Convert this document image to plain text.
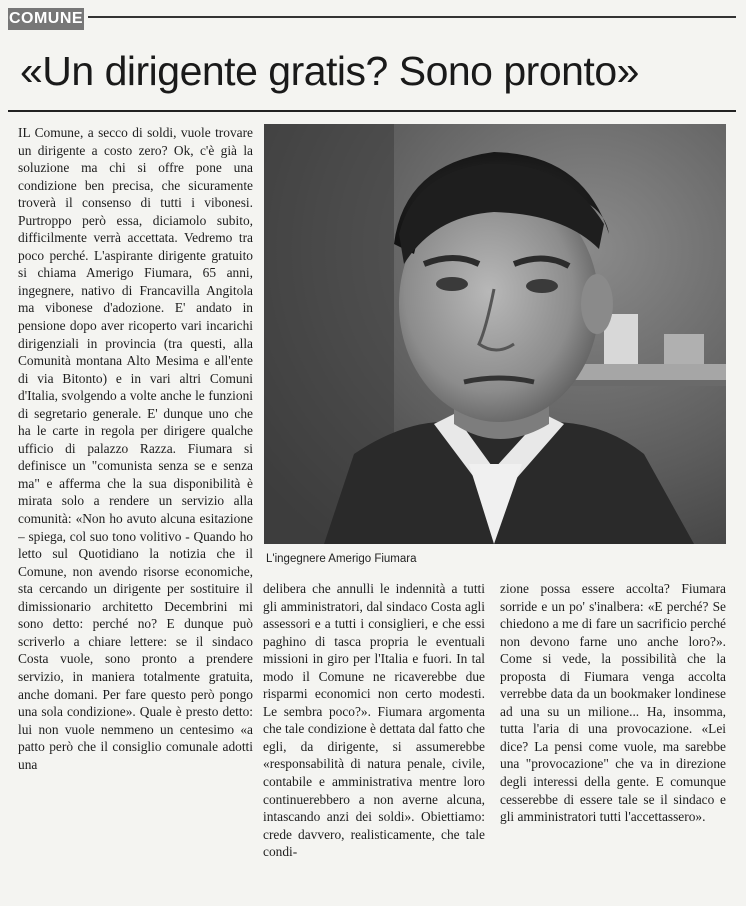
COMUNE
«Un dirigente gratis? Sono pronto»

IL Comune, a secco di soldi, vuole trovare un dirigente a costo zero? Ok, c'è già la soluzione ma chi si offre pone una condizione ben precisa, che sicuramente troverà il consenso di tutti i vibonesi. Purtroppo però essa, diciamolo subito, difficilmente verrà accettata. Vedremo tra poco perché. L'aspirante dirigente gratuito si chiama Amerigo Fiumara, 65 anni, ingegnere, nativo di Francavilla Angitola ma vibonese d'adozione. E' andato in pensione dopo aver ricoperto vari incarichi dirigenziali in provincia (tra questi, alla Comunità montana Alto Mesima e all'ente di via Bitonto) e in vari altri Comuni d'Italia, svolgendo a volte anche le funzioni di segretario generale. E' dunque uno che ha le carte in regola per dirigere qualche ufficio di palazzo Razza. Fiumara si definisce un "comunista senza se e senza ma" e afferma che la sua disponibilità è mirata solo a rendere un servizio alla comunità: «Non ho avuto alcuna esitazione – spiega, col suo tono volitivo - Quando ho letto sul Quotidiano la notizia che il Comune, non avendo risorse economiche, sta cercando un dirigente per sostituire il dimissionario architetto Decembrini mi sono detto: perché no? E dunque può scriverlo a chiare lettere: se il sindaco Costa vuole, sono pronto a prendere servizio, in maniera totalmente gratuita, anche domani. Per fare questo però pongo una sola condizione». Quale è presto detto: lui non vuole nemmeno un centesimo «a patto però che il consiglio comunale adotti una

L'ingegnere Amerigo Fiumara

delibera che annulli le indennità a tutti gli amministratori, dal sindaco Costa agli assessori e a tutti i consiglieri, e che essi paghino di tasca propria le eventuali missioni in giro per l'Italia e fuori. In tal modo il Comune ne ricaverebbe due risparmi economici non certo modesti. Le sembra poco?». Fiumara argomenta che tale condizione è dettata dal fatto che egli, da dirigente, si assumerebbe «responsabilità di natura penale, civile, contabile e amministrativa mentre loro continuerebbero a non averne alcuna, intascando anzi dei soldi». Obiettiamo: crede davvero, realisticamente, che tale condi-

zione possa essere accolta? Fiumara sorride e un po' s'inalbera: «E perché? Se chiedono a me di fare un sacrificio perché non devono farne uno anche loro?». Come si vede, la possibilità che la proposta di Fiumara venga accolta verrebbe data da un bookmaker londinese ad una su un milione... Ha, insomma, tutta l'aria di una provocazione. «Lei dice? La pensi come vuole, ma sarebbe una "provocazione" che va in direzione degli interessi della gente. E comunque cesserebbe di essere tale se il sindaco e gli amministratori tutti l'accettassero».
